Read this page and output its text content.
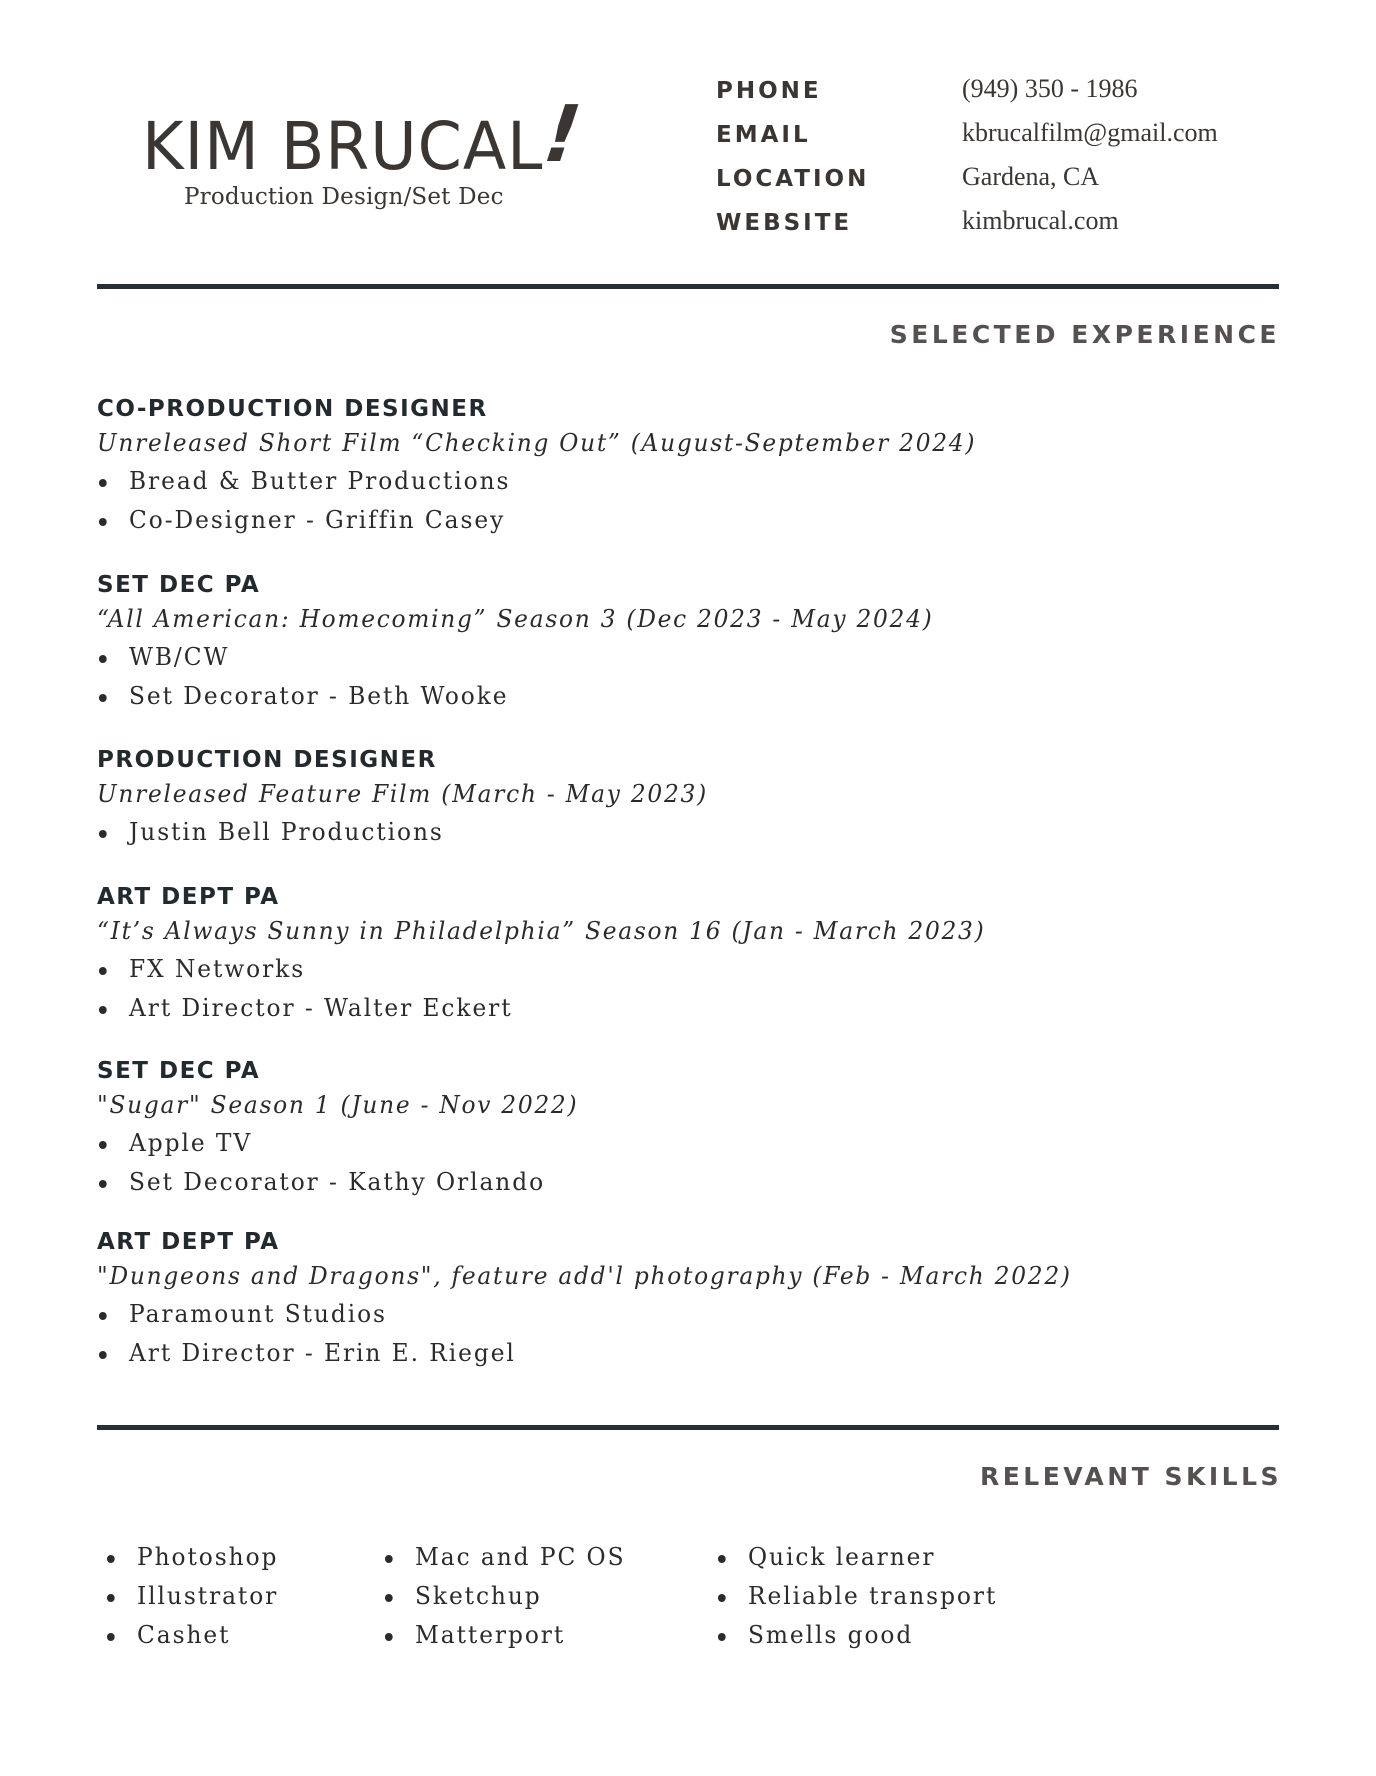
KIM BRUCAL!
Production Design/Set Dec
PHONE	(949) 350 - 1986
EMAIL	kbrucalfilm@gmail.com
LOCATION	Gardena, CA
WEBSITE	kimbrucal.com
SELECTED EXPERIENCE
CO-PRODUCTION DESIGNER
Unreleased Short Film “Checking Out” (August-September 2024)
Bread & Butter Productions
Co-Designer - Griffin Casey
SET DEC PA
“All American: Homecoming” Season 3 (Dec 2023 - May 2024)
WB/CW
Set Decorator - Beth Wooke
PRODUCTION DESIGNER
Unreleased Feature Film (March - May 2023)
Justin Bell Productions
ART DEPT PA
“It’s Always Sunny in Philadelphia” Season 16 (Jan - March 2023)
FX Networks
Art Director - Walter Eckert
SET DEC PA
"Sugar" Season 1 (June - Nov 2022)
Apple TV
Set Decorator - Kathy Orlando
ART DEPT PA
"Dungeons and Dragons", feature add'l photography (Feb - March 2022)
Paramount Studios
Art Director - Erin E. Riegel
RELEVANT SKILLS
Photoshop
Illustrator
Cashet
Mac and PC OS
Sketchup
Matterport
Quick learner
Reliable transport
Smells good
